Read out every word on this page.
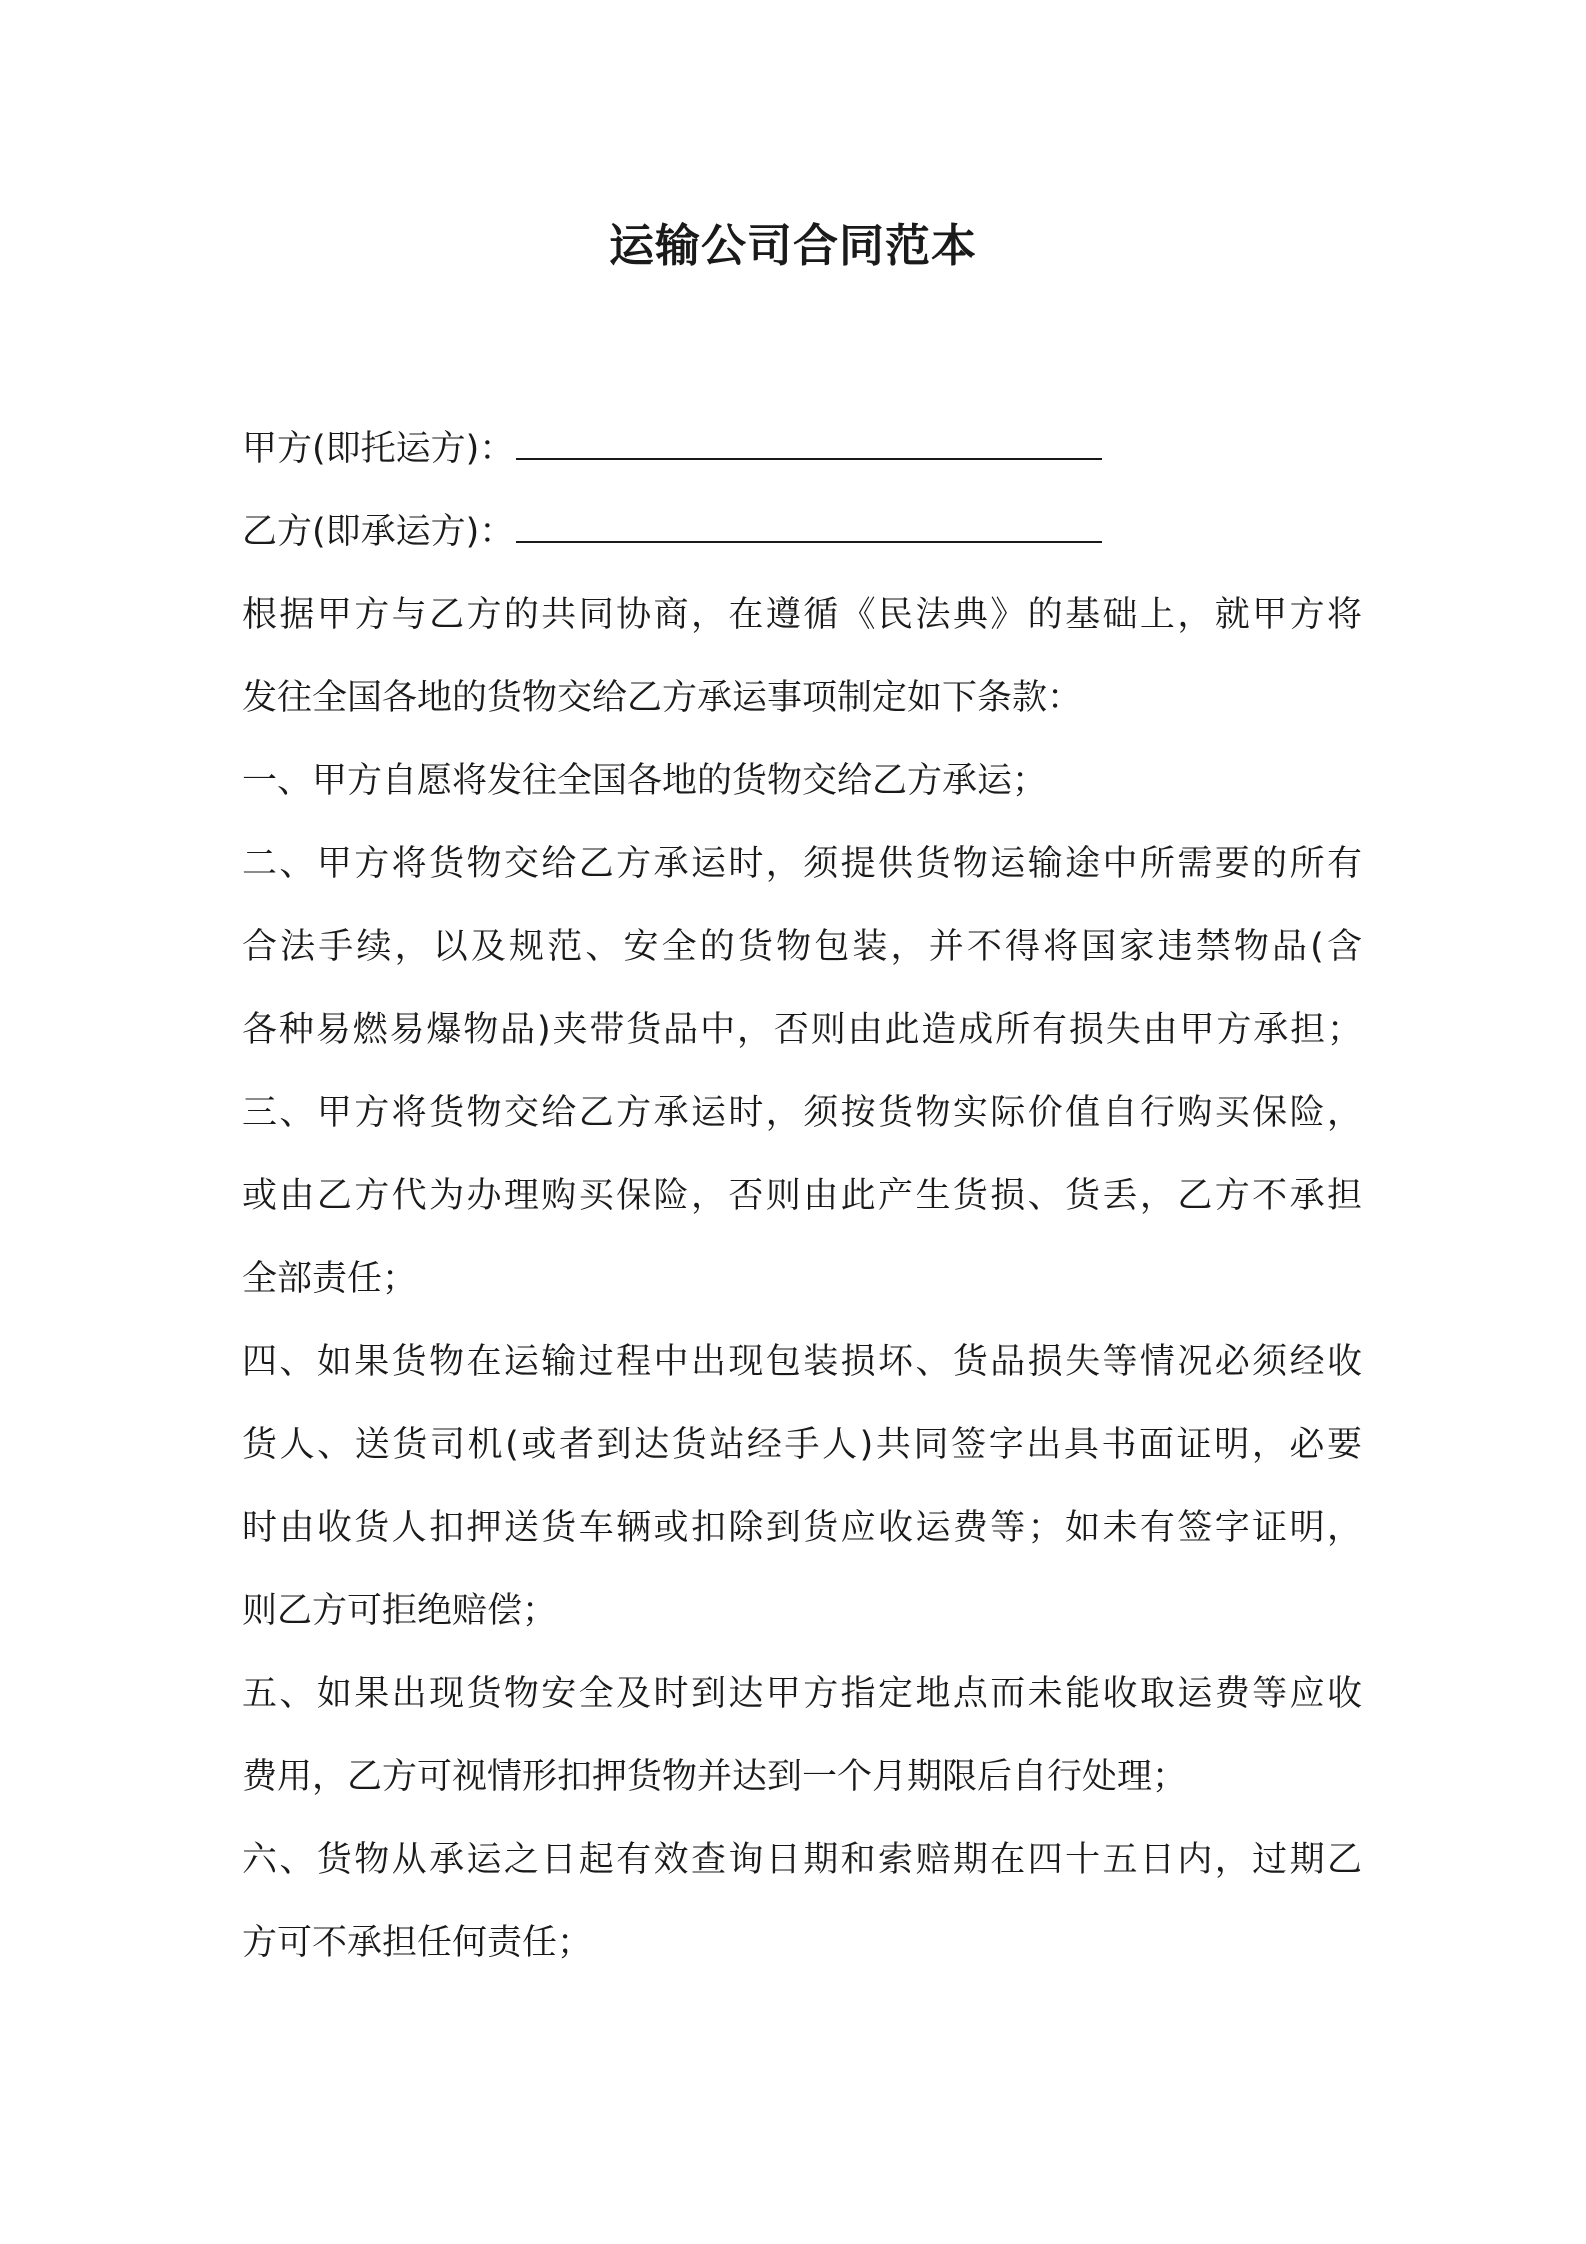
运输公司合同范本
甲方(即托运方)：
乙方(即承运方)：
根据甲方与乙方的共同协商，在遵循《民法典》的基础上，就甲方将
发往全国各地的货物交给乙方承运事项制定如下条款：
一、甲方自愿将发往全国各地的货物交给乙方承运；
二、甲方将货物交给乙方承运时，须提供货物运输途中所需要的所有
合法手续，以及规范、安全的货物包装，并不得将国家违禁物品(含
各种易燃易爆物品)夹带货品中，否则由此造成所有损失由甲方承担；
三、甲方将货物交给乙方承运时，须按货物实际价值自行购买保险，
或由乙方代为办理购买保险，否则由此产生货损、货丢，乙方不承担
全部责任；
四、如果货物在运输过程中出现包装损坏、货品损失等情况必须经收
货人、送货司机(或者到达货站经手人)共同签字出具书面证明，必要
时由收货人扣押送货车辆或扣除到货应收运费等；如未有签字证明，
则乙方可拒绝赔偿；
五、如果出现货物安全及时到达甲方指定地点而未能收取运费等应收
费用，乙方可视情形扣押货物并达到一个月期限后自行处理；
六、货物从承运之日起有效查询日期和索赔期在四十五日内，过期乙
方可不承担任何责任；
